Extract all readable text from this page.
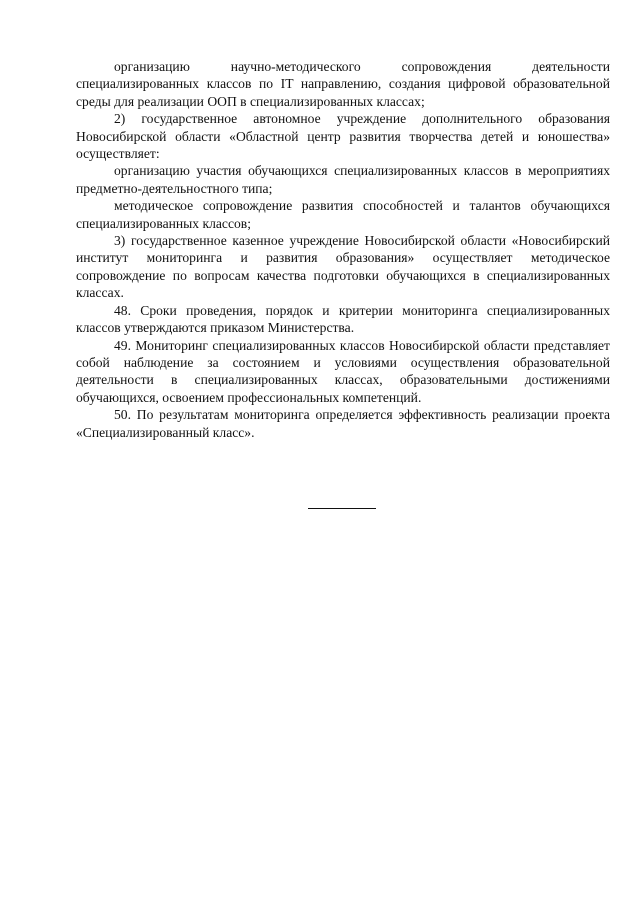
организацию научно-методического сопровождения деятельности специализированных классов по IT направлению, создания цифровой образовательной среды для реализации ООП в специализированных классах;

2) государственное автономное учреждение дополнительного образования Новосибирской области «Областной центр развития творчества детей и юношества» осуществляет:

организацию участия обучающихся специализированных классов в мероприятиях предметно-деятельностного типа;

методическое сопровождение развития способностей и талантов обучающихся специализированных классов;

3) государственное казенное учреждение Новосибирской области «Новосибирский институт мониторинга и развития образования» осуществляет методическое сопровождение по вопросам качества подготовки обучающихся в специализированных классах.

48. Сроки проведения, порядок и критерии мониторинга специализированных классов утверждаются приказом Министерства.

49. Мониторинг специализированных классов Новосибирской области представляет собой наблюдение за состоянием и условиями осуществления образовательной деятельности в специализированных классах, образовательными достижениями обучающихся, освоением профессиональных компетенций.

50. По результатам мониторинга определяется эффективность реализации проекта «Специализированный класс».
